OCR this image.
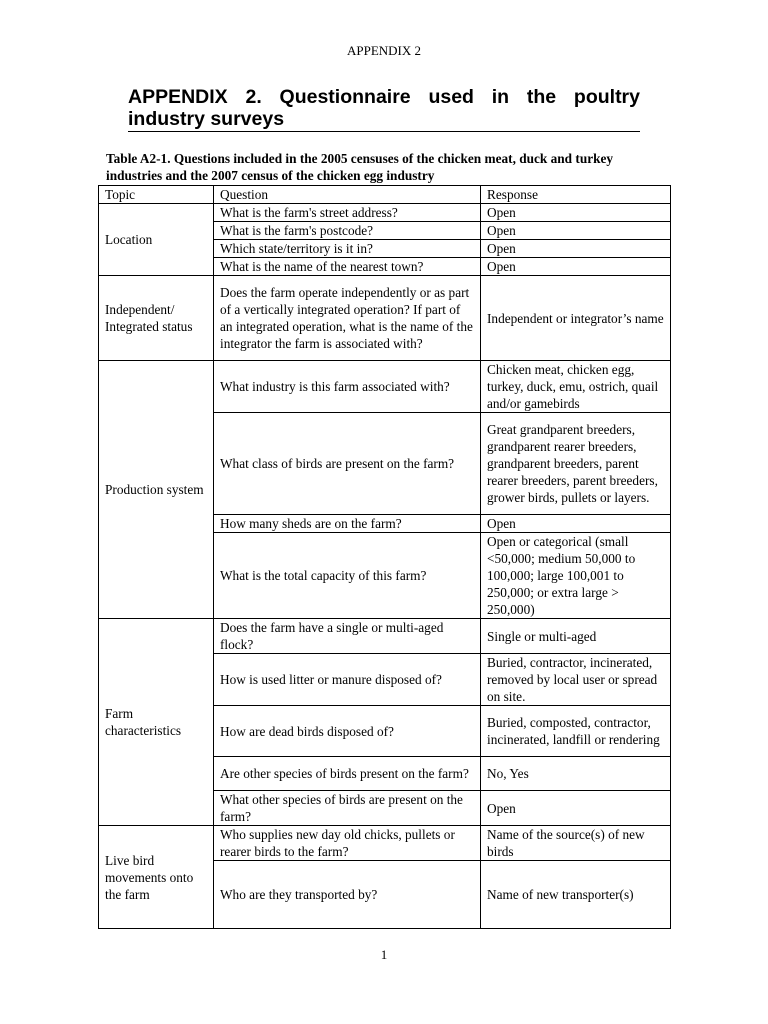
APPENDIX 2
APPENDIX 2. Questionnaire used in the poultry industry surveys
Table A2-1. Questions included in the 2005 censuses of the chicken meat, duck and turkey industries and the 2007 census of the chicken egg industry
Topic	Question	Response
Location	What is the farm's street address?	Open
	What is the farm's postcode?	Open
	Which state/territory is it in?	Open
	What is the name of the nearest town?	Open
Independent/ Integrated status	Does the farm operate independently or as part of a vertically integrated operation? If part of an integrated operation, what is the name of the integrator the farm is associated with?	Independent or integrator’s name
Production system	What industry is this farm associated with?	Chicken meat, chicken egg, turkey, duck, emu, ostrich, quail and/or gamebirds
	What class of birds are present on the farm?	Great grandparent breeders, grandparent rearer breeders, grandparent breeders, parent rearer breeders, parent breeders, grower birds, pullets or layers.
	How many sheds are on the farm?	Open
	What is the total capacity of this farm?	Open or categorical (small <50,000; medium 50,000 to 100,000; large 100,001 to 250,000; or extra large > 250,000)
Farm characteristics	Does the farm have a single or multi-aged flock?	Single or multi-aged
	How is used litter or manure disposed of?	Buried, contractor, incinerated, removed by local user or spread on site.
	How are dead birds disposed of?	Buried, composted, contractor, incinerated, landfill or rendering
	Are other species of birds present on the farm?	No, Yes
	What other species of birds are present on the farm?	Open
Live bird movements onto the farm	Who supplies new day old chicks, pullets or rearer birds to the farm?	Name of the source(s) of new birds
	Who are they transported by?	Name of new transporter(s)
1
